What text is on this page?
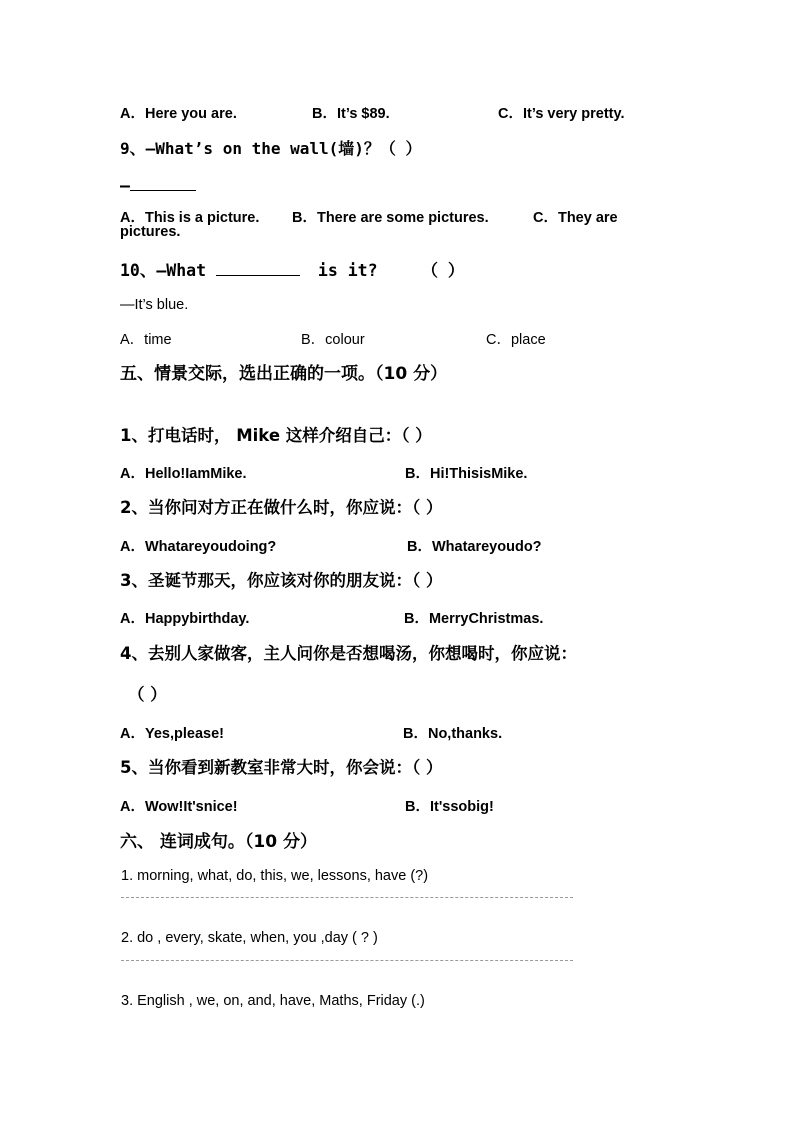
A．Here you are.	B．It’s $89.	C．It’s very pretty.
9、—What’s on the wall(墙)？（ ）
—
A．This is a picture. B．There are some pictures.	C．They are
pictures.
10、—What	is it?	（ ）
—It’s blue.
A．time	B．colour	C．place
五、情景交际，选出正确的一项。（10 分）
1、打电话时， Mike 这样介绍自己：（ ）
A．Hello!IamMike.	B．Hi!ThisisMike.
2、当你问对方正在做什么时，你应说：（ ）
A．Whatareyoudoing?	B．Whatareyoudo?
3、圣诞节那天，你应该对你的朋友说：（ ）
A．Happybirthday.	B．MerryChristmas.
4、去别人家做客，主人问你是否想喝汤，你想喝时，你应说：
（ ）
A．Yes,please!	B．No,thanks.
5、当你看到新教室非常大时，你会说：（ ）
A．Wow!It'snice!	B．It'ssobig!
六、 连词成句。（10 分）
1. morning, what, do, this, we, lessons, have (?)
2. do , every, skate, when, you ,day ( ? )
3. English , we, on, and, have, Maths, Friday (.)
